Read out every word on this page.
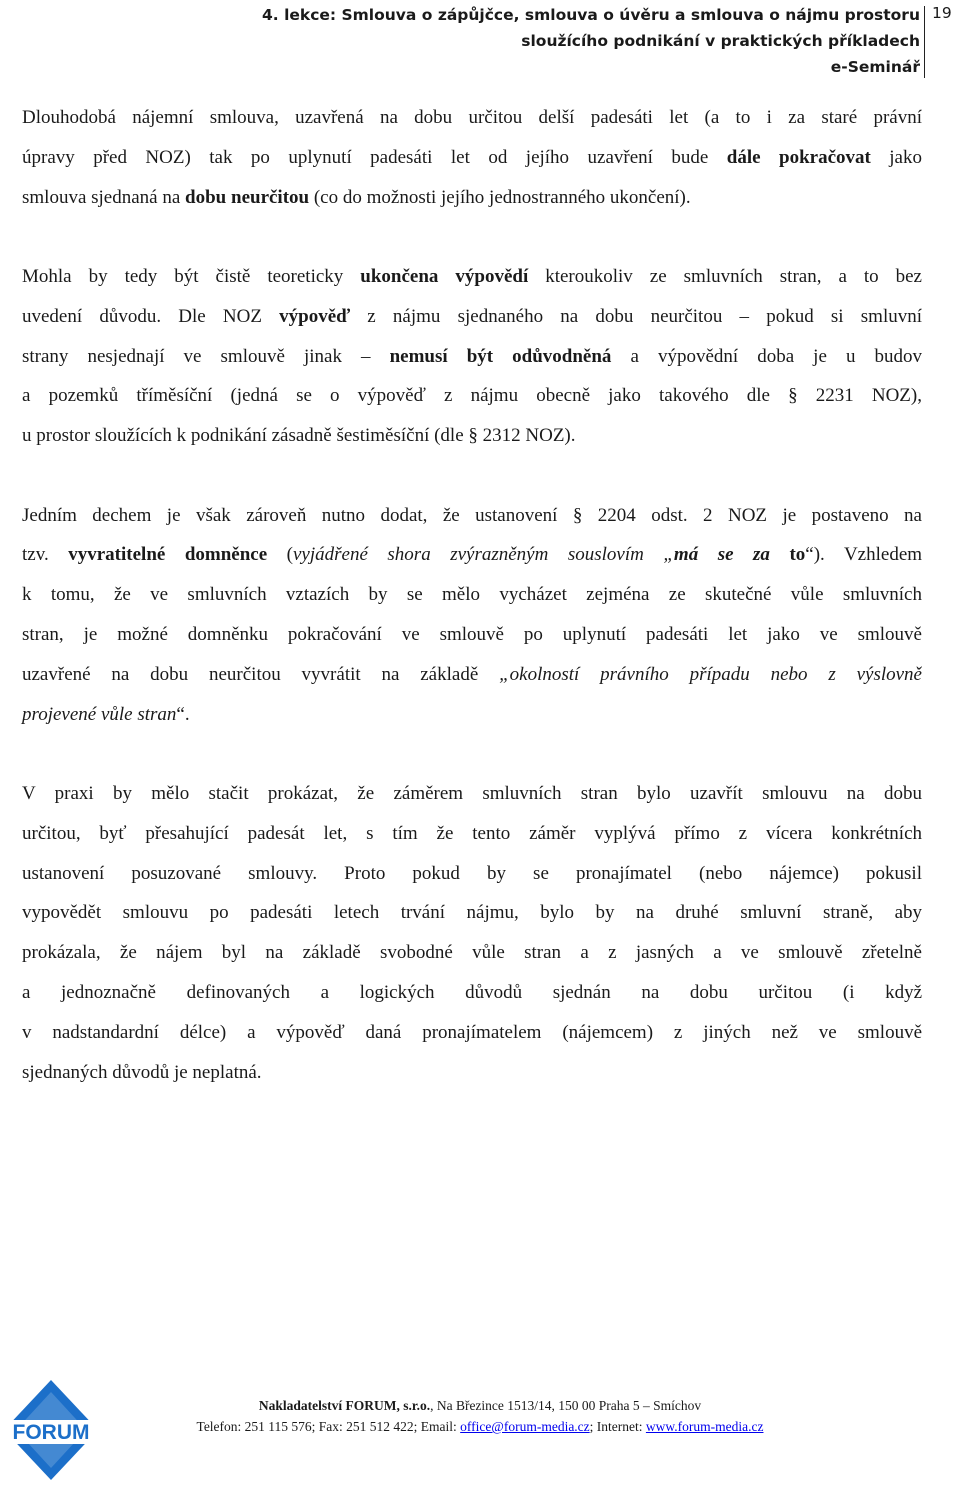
4. lekce: Smlouva o zápůjčce, smlouva o úvěru a smlouva o nájmu prostoru
sloužícího podnikání v praktických příkladech
e-Seminář
19

Dlouhodobá nájemní smlouva, uzavřená na dobu určitou delší padesáti let (a to i za staré právní

úpravy před NOZ) tak po uplynutí padesáti let od jejího uzavření bude dále pokračovat jako

smlouva sjednaná na dobu neurčitou (co do možnosti jejího jednostranného ukončení).

Mohla by tedy být čistě teoreticky ukončena výpovědí kteroukoliv ze smluvních stran, a to bez

uvedení důvodu. Dle NOZ výpověď z nájmu sjednaného na dobu neurčitou – pokud si smluvní

strany nesjednají ve smlouvě jinak – nemusí být odůvodněná a výpovědní doba je u budov

a pozemků tříměsíční (jedná se o výpověď z nájmu obecně jako takového dle § 2231 NOZ),

u prostor sloužících k podnikání zásadně šestiměsíční (dle § 2312 NOZ).

Jedním dechem je však zároveň nutno dodat, že ustanovení § 2204 odst. 2 NOZ je postaveno na

tzv. vyvratitelné domněnce (vyjádřené shora zvýrazněným souslovím „má se za to“). Vzhledem

k tomu, že ve smluvních vztazích by se mělo vycházet zejména ze skutečné vůle smluvních

stran, je možné domněnku pokračování ve smlouvě po uplynutí padesáti let jako ve smlouvě

uzavřené na dobu neurčitou vyvrátit na základě „okolností právního případu nebo z výslovně

projevené vůle stran“.

V praxi by mělo stačit prokázat, že záměrem smluvních stran bylo uzavřít smlouvu na dobu

určitou, byť přesahující padesát let, s tím že tento záměr vyplývá přímo z vícera konkrétních

ustanovení posuzované smlouvy. Proto pokud by se pronajímatel (nebo nájemce) pokusil

vypovědět smlouvu po padesáti letech trvání nájmu, bylo by na druhé smluvní straně, aby

prokázala, že nájem byl na základě svobodné vůle stran a z jasných a ve smlouvě zřetelně

a jednoznačně definovaných a logických důvodů sjednán na dobu určitou (i když

v nadstandardní délce) a výpověď daná pronajímatelem (nájemcem) z jiných než ve smlouvě

sjednaných důvodů je neplatná.

FORUM
Nakladatelství FORUM, s.r.o., Na Březince 1513/14, 150 00 Praha 5 – Smíchov
Telefon: 251 115 576; Fax: 251 512 422; Email: office@forum-media.cz; Internet: www.forum-media.cz
